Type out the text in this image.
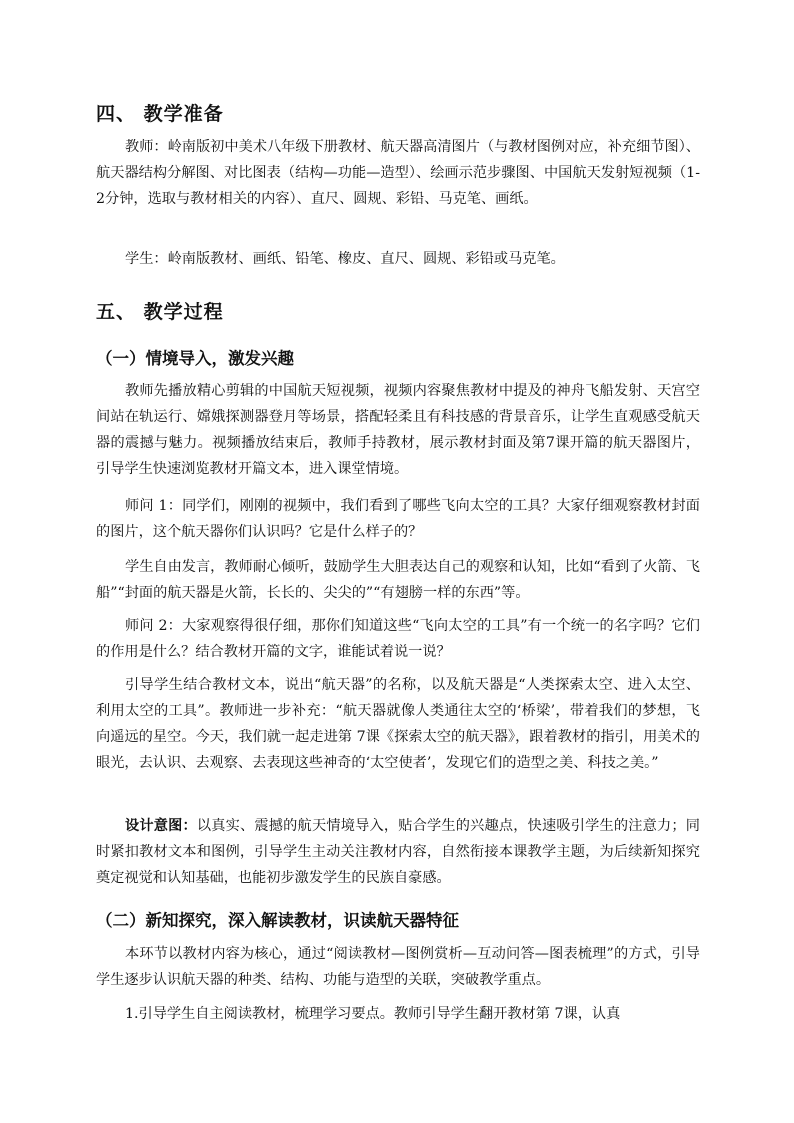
四、 教学准备
教师：岭南版初中美术八年级下册教材、航天器高清图片（与教材图例对应，补充细节图）、航天器结构分解图、对比图表（结构—功能—造型）、绘画示范步骤图、中国航天发射短视频（1-2分钟，选取与教材相关的内容）、直尺、圆规、彩铅、马克笔、画纸。
学生：岭南版教材、画纸、铅笔、橡皮、直尺、圆规、彩铅或马克笔。
五、 教学过程
（一）情境导入，激发兴趣
教师先播放精心剪辑的中国航天短视频，视频内容聚焦教材中提及的神舟飞船发射、天宫空间站在轨运行、嫦娥探测器登月等场景，搭配轻柔且有科技感的背景音乐，让学生直观感受航天器的震撼与魅力。视频播放结束后，教师手持教材，展示教材封面及第7课开篇的航天器图片，引导学生快速浏览教材开篇文本，进入课堂情境。
师问 1：同学们，刚刚的视频中，我们看到了哪些飞向太空的工具？大家仔细观察教材封面的图片，这个航天器你们认识吗？它是什么样子的？
学生自由发言，教师耐心倾听，鼓励学生大胆表达自己的观察和认知，比如“看到了火箭、飞船”“封面的航天器是火箭，长长的、尖尖的”“有翅膀一样的东西”等。
师问 2：大家观察得很仔细，那你们知道这些“飞向太空的工具”有一个统一的名字吗？它们的作用是什么？结合教材开篇的文字，谁能试着说一说？
引导学生结合教材文本，说出“航天器”的名称，以及航天器是“人类探索太空、进入太空、利用太空的工具”。教师进一步补充：“航天器就像人类通往太空的‘桥梁’，带着我们的梦想，飞向遥远的星空。今天，我们就一起走进第 7课《探索太空的航天器》，跟着教材的指引，用美术的眼光，去认识、去观察、去表现这些神奇的‘太空使者’，发现它们的造型之美、科技之美。”
设计意图：以真实、震撼的航天情境导入，贴合学生的兴趣点，快速吸引学生的注意力；同时紧扣教材文本和图例，引导学生主动关注教材内容，自然衔接本课教学主题，为后续新知探究奠定视觉和认知基础，也能初步激发学生的民族自豪感。
（二）新知探究，深入解读教材，识读航天器特征
本环节以教材内容为核心，通过“阅读教材—图例赏析—互动问答—图表梳理”的方式，引导学生逐步认识航天器的种类、结构、功能与造型的关联，突破教学重点。
1.引导学生自主阅读教材，梳理学习要点。教师引导学生翻开教材第 7课，认真
